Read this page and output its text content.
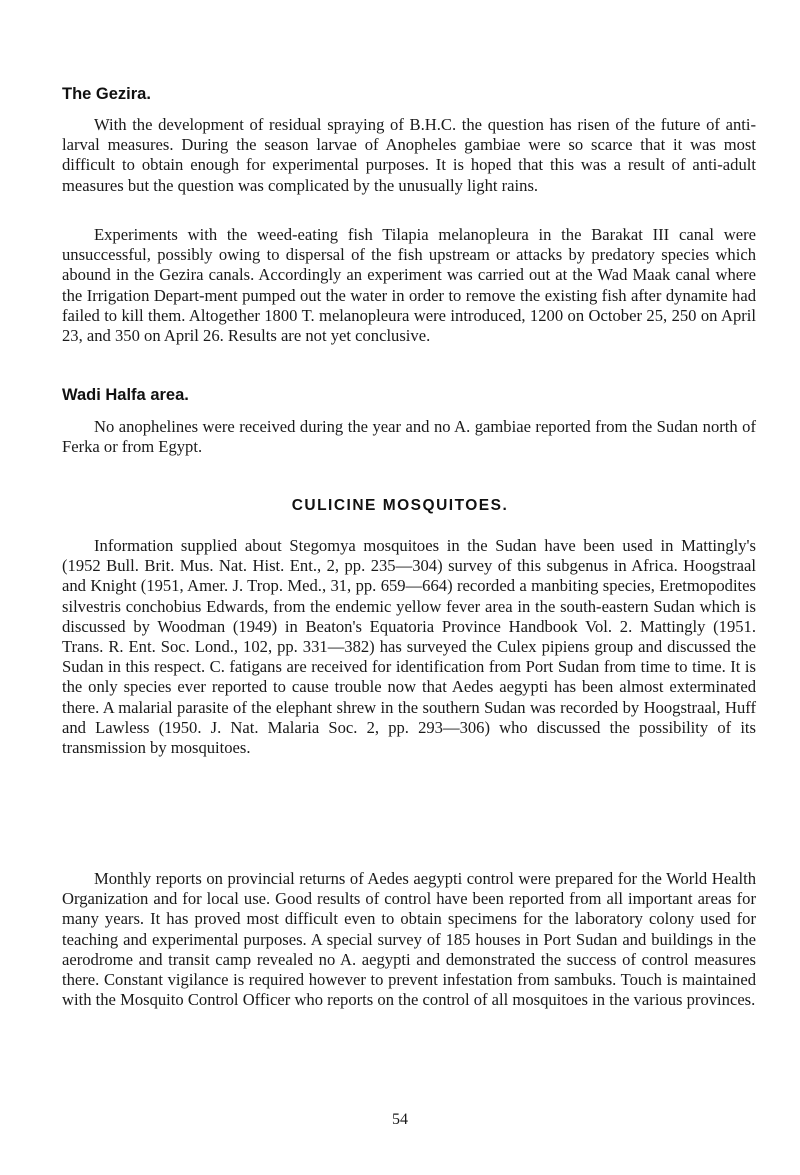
The Gezira.

With the development of residual spraying of B.H.C. the question has risen of the future of anti-larval measures. During the season larvae of Anopheles gambiae were so scarce that it was most difficult to obtain enough for experimental purposes. It is hoped that this was a result of anti-adult measures but the question was complicated by the unusually light rains.

Experiments with the weed-eating fish Tilapia melanopleura in the Barakat III canal were unsuccessful, possibly owing to dispersal of the fish upstream or attacks by predatory species which abound in the Gezira canals. Accordingly an experiment was carried out at the Wad Maak canal where the Irrigation Depart-ment pumped out the water in order to remove the existing fish after dynamite had failed to kill them. Altogether 1800 T. melanopleura were introduced, 1200 on October 25, 250 on April 23, and 350 on April 26. Results are not yet conclusive.

Wadi Halfa area.

No anophelines were received during the year and no A. gambiae reported from the Sudan north of Ferka or from Egypt.

CULICINE MOSQUITOES.

Information supplied about Stegomya mosquitoes in the Sudan have been used in Mattingly's (1952 Bull. Brit. Mus. Nat. Hist. Ent., 2, pp. 235—304) survey of this subgenus in Africa. Hoogstraal and Knight (1951, Amer. J. Trop. Med., 31, pp. 659—664) recorded a manbiting species, Eretmopodites silvestris conchobius Edwards, from the endemic yellow fever area in the south-eastern Sudan which is discussed by Woodman (1949) in Beaton's Equatoria Province Handbook Vol. 2. Mattingly (1951. Trans. R. Ent. Soc. Lond., 102, pp. 331—382) has surveyed the Culex pipiens group and discussed the Sudan in this respect. C. fatigans are received for identification from Port Sudan from time to time. It is the only species ever reported to cause trouble now that Aedes aegypti has been almost exterminated there. A malarial parasite of the elephant shrew in the southern Sudan was recorded by Hoogstraal, Huff and Lawless (1950. J. Nat. Malaria Soc. 2, pp. 293—306) who discussed the possibility of its transmission by mosquitoes.

Monthly reports on provincial returns of Aedes aegypti control were prepared for the World Health Organization and for local use. Good results of control have been reported from all important areas for many years. It has proved most difficult even to obtain specimens for the laboratory colony used for teaching and experimental purposes. A special survey of 185 houses in Port Sudan and buildings in the aerodrome and transit camp revealed no A. aegypti and demonstrated the success of control measures there. Constant vigilance is required however to prevent infestation from sambuks. Touch is maintained with the Mosquito Control Officer who reports on the control of all mosquitoes in the various provinces.

54
